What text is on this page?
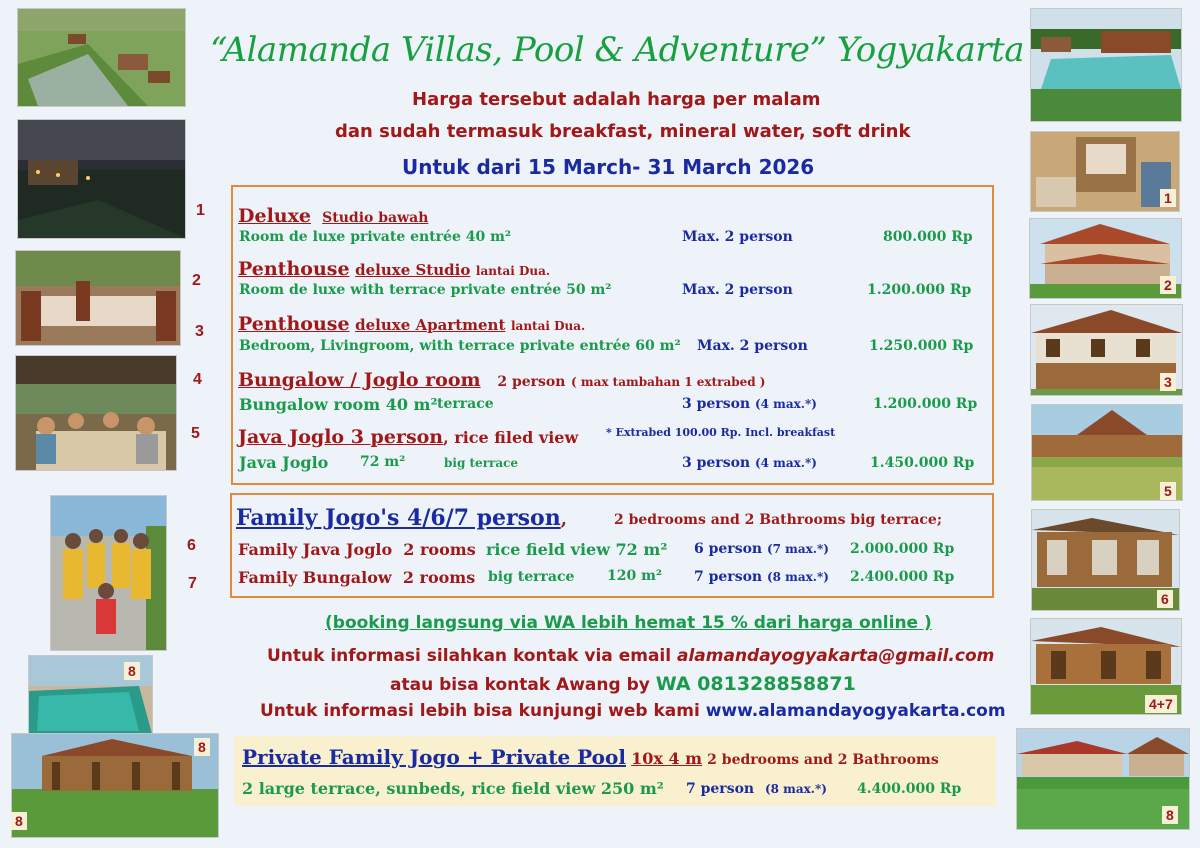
“Alamanda Villas, Pool & Adventure” Yogyakarta
Harga tersebut adalah harga per malam
dan sudah termasuk breakfast, mineral water, soft drink
Untuk dari 15 March- 31 March 2026
8
8
8
1
2
3
5
6
4+7
8
1
2
3
4
5
6
7
Deluxe Studio bawah
Room de luxe private entrée 40 m²	Max. 2 person	800.000 Rp
Penthouse deluxe Studio lantai Dua.
Room de luxe with terrace private entrée 50 m²	Max. 2 person	1.200.000 Rp
Penthouse deluxe Apartment lantai Dua.
Bedroom, Livingroom, with terrace private entrée 60 m² Max. 2 person	1.250.000 Rp
Bungalow / Joglo room 2 person ( max tambahan 1 extrabed )
Bungalow room 40 m² terrace	3 person (4 max.*)	1.200.000 Rp
Java Joglo 3 person, rice filed view	* Extrabed 100.00 Rp. Incl. breakfast
Java Joglo 72 m²	big terrace	3 person (4 max.*)	1.450.000 Rp
Family Jogo's 4/6/7 person,	2 bedrooms and 2 Bathrooms big terrace;
Family Java Joglo 2 rooms rice field view 72 m² 6 person (7 max.*) 2.000.000 Rp
Family Bungalow 2 rooms big terrace 120 m² 7 person (8 max.*) 2.400.000 Rp
(booking langsung via WA lebih hemat 15 % dari harga online )
Untuk informasi silahkan kontak via email alamandayogyakarta@gmail.com
atau bisa kontak Awang by WA 081328858871
Untuk informasi lebih bisa kunjungi web kami www.alamandayogyakarta.com
Private Family Jogo + Private Pool 10x 4 m 2 bedrooms and 2 Bathrooms
2 large terrace, sunbeds, rice field view 250 m² 7 person (8 max.*) 4.400.000 Rp
